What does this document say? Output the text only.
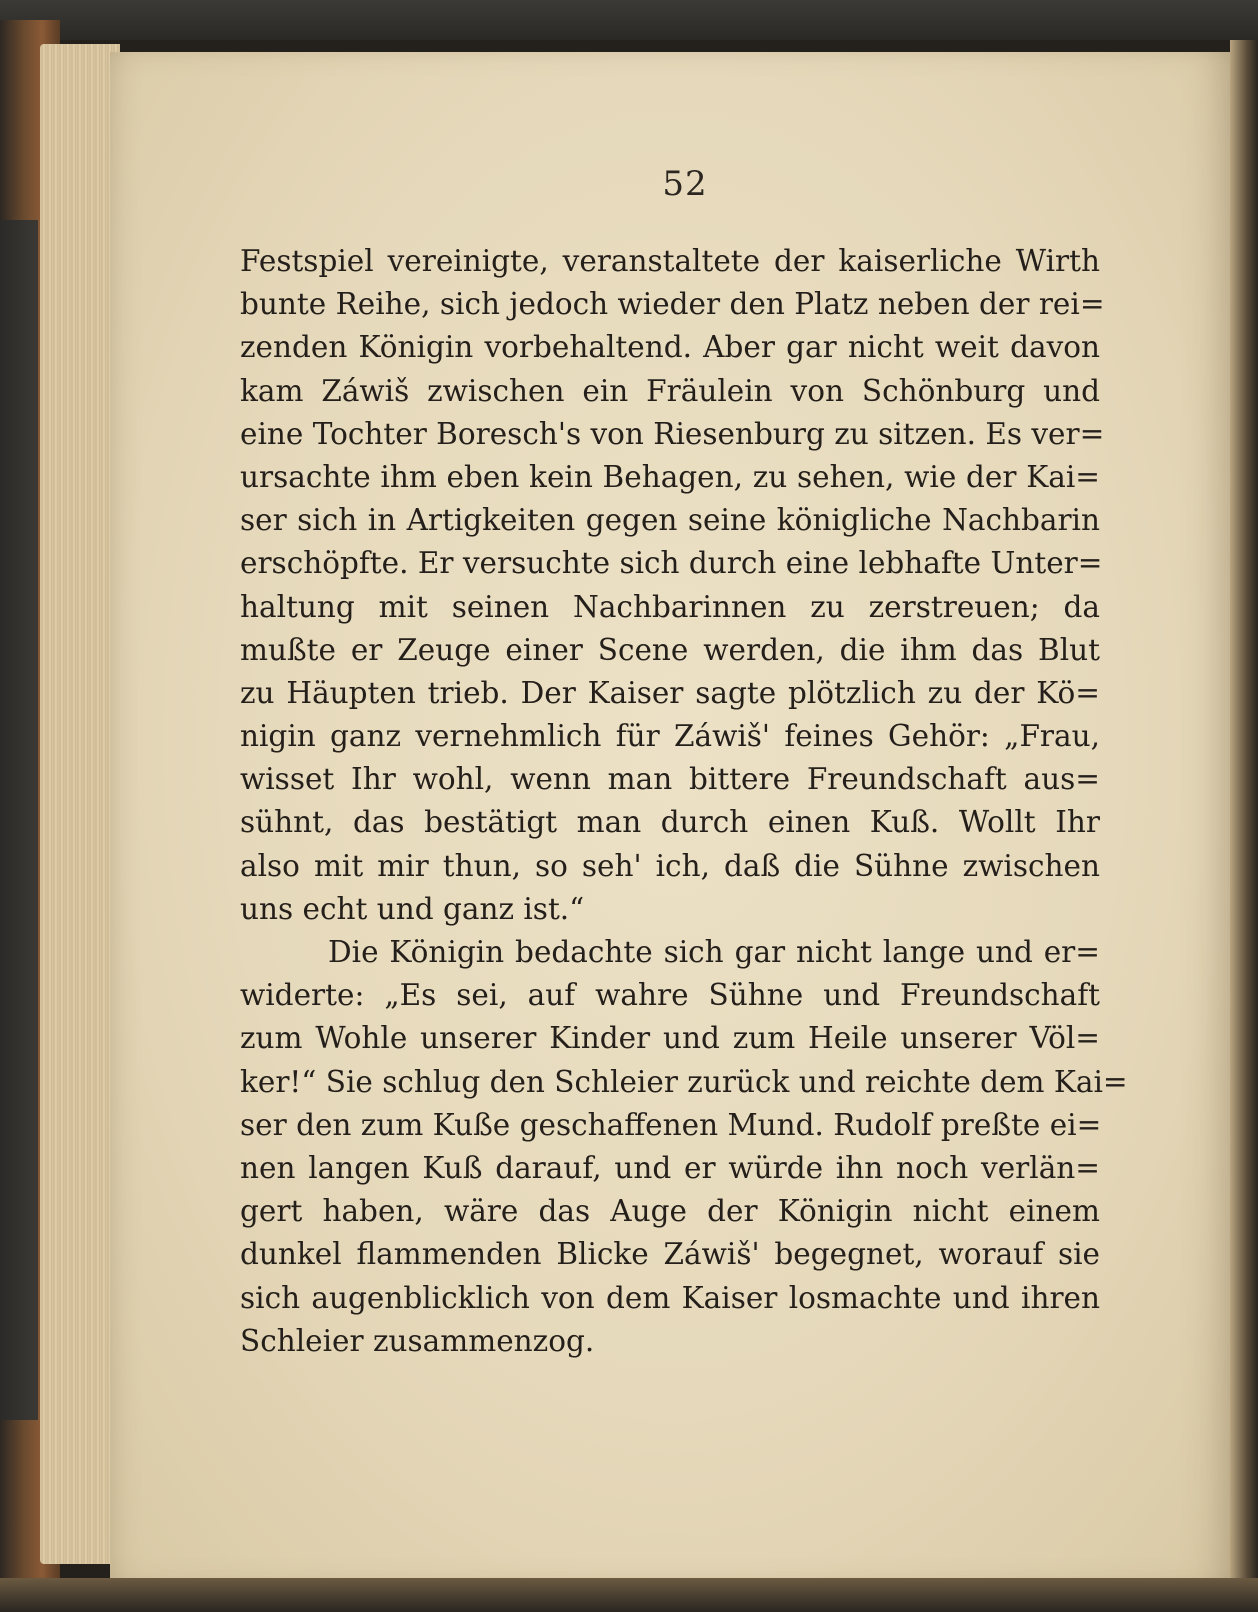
52
Festspiel vereinigte, veranstaltete der kaiserliche Wirth
bunte Reihe, sich jedoch wieder den Platz neben der rei=
zenden Königin vorbehaltend. Aber gar nicht weit davon
kam Záwiš zwischen ein Fräulein von Schönburg und
eine Tochter Boresch's von Riesenburg zu sitzen. Es ver=
ursachte ihm eben kein Behagen, zu sehen, wie der Kai=
ser sich in Artigkeiten gegen seine königliche Nachbarin
erschöpfte. Er versuchte sich durch eine lebhafte Unter=
haltung mit seinen Nachbarinnen zu zerstreuen; da
mußte er Zeuge einer Scene werden, die ihm das Blut
zu Häupten trieb. Der Kaiser sagte plötzlich zu der Kö=
nigin ganz vernehmlich für Záwiš' feines Gehör: „Frau,
wisset Ihr wohl, wenn man bittere Freundschaft aus=
sühnt, das bestätigt man durch einen Kuß. Wollt Ihr
also mit mir thun, so seh' ich, daß die Sühne zwischen
uns echt und ganz ist.“
Die Königin bedachte sich gar nicht lange und er=
widerte: „Es sei, auf wahre Sühne und Freundschaft
zum Wohle unserer Kinder und zum Heile unserer Völ=
ker!“ Sie schlug den Schleier zurück und reichte dem Kai=
ser den zum Kuße geschaffenen Mund. Rudolf preßte ei=
nen langen Kuß darauf, und er würde ihn noch verlän=
gert haben, wäre das Auge der Königin nicht einem
dunkel flammenden Blicke Záwiš' begegnet, worauf sie
sich augenblicklich von dem Kaiser losmachte und ihren
Schleier zusammenzog.
